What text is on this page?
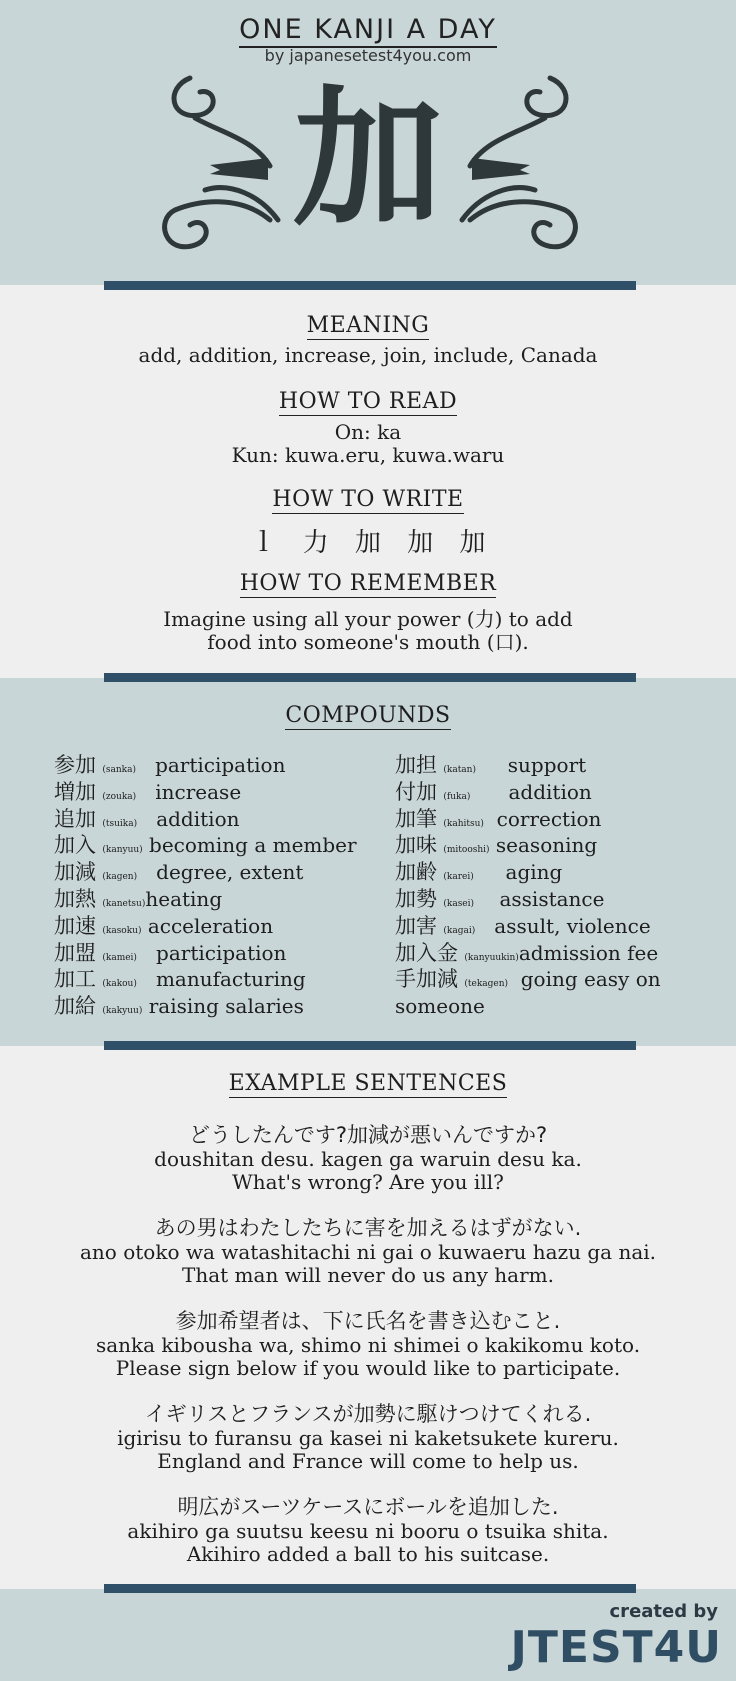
ONE KANJI A DAY
by japanesetest4you.com
加
MEANING
add, addition, increase, join, include, Canada
HOW TO READ
On: ka
Kun: kuwa.eru, kuwa.waru
HOW TO WRITE
ｌ 力 加 加 加
HOW TO REMEMBER
Imagine using all your power (力) to add
food into someone's mouth (口).
COMPOUNDS
参加 (sanka) participation
増加 (zouka) increase
追加 (tsuika) addition
加入 (kanyuu) becoming a member
加減 (kagen) degree, extent
加熱 (kanetsu)heating
加速 (kasoku) acceleration
加盟 (kamei) participation
加工 (kakou) manufacturing
加給 (kakyuu) raising salaries
加担 (katan) support
付加 (fuka) addition
加筆 (kahitsu) correction
加味 (mitooshi) seasoning
加齢 (karei) aging
加勢 (kasei) assistance
加害 (kagai) assult, violence
加入金 (kanyuukin)admission fee
手加減 (tekagen) going easy on
someone
EXAMPLE SENTENCES
どうしたんです?加減が悪いんですか?
doushitan desu. kagen ga waruin desu ka.
What's wrong? Are you ill?
あの男はわたしたちに害を加えるはずがない.
ano otoko wa watashitachi ni gai o kuwaeru hazu ga nai.
That man will never do us any harm.
参加希望者は、下に氏名を書き込むこと.
sanka kibousha wa, shimo ni shimei o kakikomu koto.
Please sign below if you would like to participate.
イギリスとフランスが加勢に駆けつけてくれる.
igirisu to furansu ga kasei ni kaketsukete kureru.
England and France will come to help us.
明広がスーツケースにボールを追加した.
akihiro ga suutsu keesu ni booru o tsuika shita.
Akihiro added a ball to his suitcase.
created by
JTEST4U
